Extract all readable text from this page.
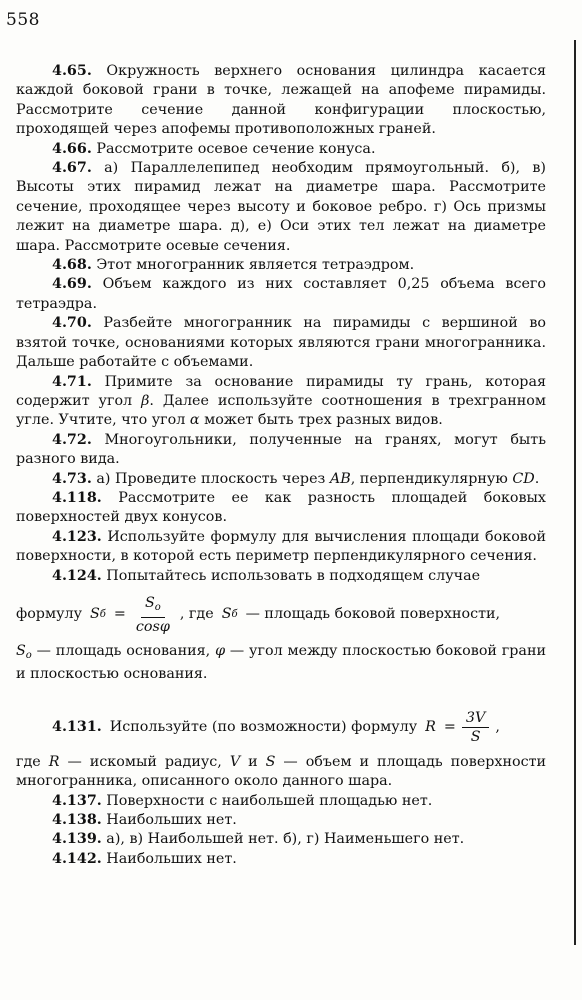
558

4.65. Окружность верхнего основания цилиндра касается каждой боковой грани в точке, лежащей на апофеме пирамиды. Рассмотрите сечение данной конфигурации плоскостью, проходящей через апофемы противоположных граней.

4.66. Рассмотрите осевое сечение конуса.

4.67. а) Параллелепипед необходим прямоугольный. б), в) Высоты этих пирамид лежат на диаметре шара. Рассмотрите сечение, проходящее через высоту и боковое ребро. г) Ось призмы лежит на диаметре шара. д), е) Оси этих тел лежат на диаметре шара. Рассмотрите осевые сечения.

4.68. Этот многогранник является тетраэдром.

4.69. Объем каждого из них составляет 0,25 объема всего тетраэдра.

4.70. Разбейте многогранник на пирамиды с вершиной во взятой точке, основаниями которых являются грани многогранника. Дальше работайте с объемами.

4.71. Примите за основание пирамиды ту грань, которая содержит угол β. Далее используйте соотношения в трехгранном угле. Учтите, что угол α может быть трех разных видов.

4.72. Многоугольники, полученные на гранях, могут быть разного вида.

4.73. а) Проведите плоскость через AB, перпендикулярную CD.

4.118. Рассмотрите ее как разность площадей боковых поверхностей двух конусов.

4.123. Используйте формулу для вычисления площади боковой поверхности, в которой есть периметр перпендикулярного сечения.

4.124. Попытайтесь использовать в подходящем случае

формулу S $б = \frac{S_o}{\cos\varphi}$ , где S б — площадь боковой поверхности,

$S_o$ — площадь основания, φ — угол между плоскостью боковой грани и плоскостью основания.

4.131. Используйте (по возможности) формулу $R = \frac{3V}{S}$ ,

где R — искомый радиус, V и S — объем и площадь поверхности многогранника, описанного около данного шара.

4.137. Поверхности с наибольшей площадью нет.

4.138. Наибольших нет.

4.139. а), в) Наибольшей нет. б), г) Наименьшего нет.

4.142. Наибольших нет.
